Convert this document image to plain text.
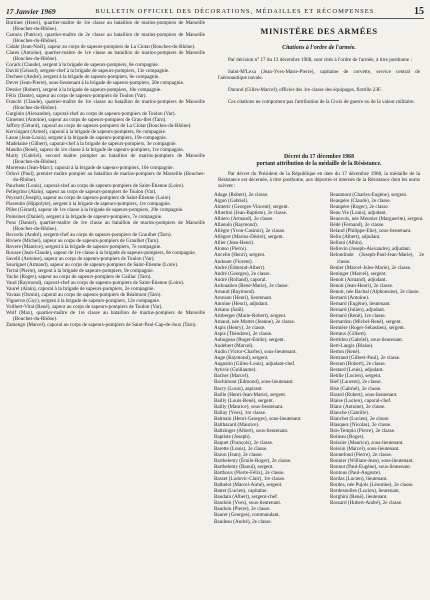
17 Janvier 1969	BULLETIN OFFICIEL DES DÉCORATIONS, MÉDAILLES ET RÉCOMPENSES	15

Burtinet (Henri), quartier-maître de 1re classe au bataillon de marins-pompiers de Marseille (Bouches-du-Rhône).

Camois (Patrice), quartier-maître de 2e classe au bataillon de marins-pompiers de Marseille (Bouches-du-Rhône).

Cidale (Jean-Noël), sapeur au corps de sapeurs-pompiers de La Ciotat (Bouches-du-Rhône).

Clares (Antoine), quartier-maître de 1re classe au bataillon de marins-pompiers de Marseille (Bouches-du-Rhône).

Corack (Claude), sergent à la brigade de sapeurs-pompiers, 8e compagnie.

David (Gérard), sergent-chef à la brigade de sapeurs-pompiers, 13e compagnie.

Decheer (André), sergent à la brigade de sapeurs-pompiers, 6e compagnie.

Dever (Jean-Pierre), sous-lieutenant à la brigade de sapeurs-pompiers, 20e compagnie.

Dessier (Robert), sergent à la brigade de sapeurs-pompiers, 10e compagnie.

Fèlix (Dante), sapeur au corps de sapeurs-pompiers de Toulon (Var).

Franchi (Claude), quartier-maître de 1re classe au bataillon de marins-pompiers de Marseille (Bouches-du-Rhône).

Gargiulo (Alexandre), caporal-chef au corps de sapeurs-pompiers de Toulon (Var).

Gimenez (Antoine), sapeur au corps de sapeurs-pompiers de Grau-lhet (Tarn).

Jaffrey (Gérard), caporal au corps de sapeurs-pompiers de La Ciotat (Bouches-du-Rhône).

Kervingant (Armel), caporal à la brigade de sapeurs-pompiers, 8e compagnie.

Lasne (Jean-Louis), sergent à la brigade de sapeurs-pompiers, 19e compagnie.

Madelaine (Gilbert), caporal-chef à la brigade de sapeurs-pompiers, 3e compagnie.

Mandin (René), sapeur de 1re classe à la brigade de sapeurs-pompiers, 1re compagnie.

Marty (Gabriel), second maître pompier au bataillon de marins-pompiers de Marseille (Bouches-du-Rhône).

Moreteau (Jean-Marc), caporal à la brigade de sapeurs-pompiers, 10e compagnie.

Orlovi (Paul), premier maître pompier au bataillon de marins-pompiers de Marseille (Bouches-du-Rhône).

Pauchent (Louis), caporal-chef au corps de sapeurs-pompiers de Saint-Étienne (Loire).

Pellegrino (Alain), sapeur au corps de sapeurs-pompiers de Toulon (Var).

Peyrard (Joseph), sapeur au corps de sapeurs-pompiers de Saint-Étienne (Loire).

Piacentin (Hippolyte), sergent à la brigade de sapeurs-pompiers, 1re compagnie.

Pillet (Gérard), sapeur de 1re classe à la brigade de sapeurs-pompiers, 20e compagnie.

Poinsinet (Daniel), sergent à la brigade de sapeurs-pompiers, 7e compagnie.

Pons (Daniel), quartier-maître de 1re classe au bataillon de marins-pompiers de Marseille (Bouches-du-Rhône).

Recordo (André), sergent-chef au corps de sapeurs-pompiers de Graulhet (Tarn).

Riviere (Michel), sapeur au corps de sapeurs-pompiers de Graulhet (Tarn).

Rovere (Maurice), sergent à la brigade de sapeurs-pompiers, 7e compagnie.

Rousse (Jean-Claude), sapeur de 1re classe à la brigade de sapeurs-pompiers, 8e compagnie.

Savelli (Antoine), sapeur au corps de sapeurs-pompiers de Toulon (Var).

Sourignet (Armand), sapeur au corps de sapeurs-pompiers de Saint-Étienne (Loire).

Terral (Pierre), sergent à la brigade de sapeurs-pompiers, 9e compagnie.

Vache (Roger), sapeur au corps de sapeurs-pompiers de Gaillac (Tarn).

Vaud (Raymond), caporal-chef au corps de sapeurs-pompiers de Saint-Étienne (Loire).

Vaurel (Alain), caporal à la brigade de sapeurs-pompiers, 2e compagnie.

Vavaas (Osmin), caporal au corps de sapeurs-pompiers de Réalmont (Tarn).

Vigneron (Guy), sergent à la brigade de sapeurs-pompiers, 12e compagnie.

Voilhert-Vital (René), sapeur au corps de sapeurs-pompiers de Toulon (Var).

Wolf (Max), quartier-maître de 1re classe au bataillon de marins-pompiers de Marseille (Bouches-du-Rhône).

Zamengo (Marcel), caporal au corps de sapeurs-pompiers de Saint-Paul-Cap-de-Joux (Tarn).

MINISTÈRE DES ARMÉES
Citations à l'ordre de l'armée.

Par décision n° 17 du 13 décembre 1968, sont cités à l'ordre de l'armée, à titre posthume :

Saint-M'Lexa (Jean-Yves-Marie-Pierre), capitaine de corvette, service central de l'aéronautique navale.

Durand (Gilles-Marcel), officier des 1re classe des équipages, flottille 23F.

Ces citations ne comportent pas l'attribution de la Croix de guerre ou de la valeur militaire.

Décret du 17 décembre 1968
portant attribution de la médaille de la Résistance.

Par décret du Président de la République en date du 17 décembre 1968, la médaille de la Résistance est décernée, à titre posthume, aux déportés et internés de la Résistance dont les noms suivent :

Adage (Robert), 2e classe.

Aigon (Gabriel).

Aimeric (Georges-Vincent), sergent.

Albertini (Jean-Baptiste), 2e classe.

Albiero (Armand), 2e classe.

Allaouïn (Raymond).

Allègre (Yvon-Casimir), 2e classe.

Allègret (Marius-Désiré), sergent.

Allier (Jean-Henri).

Alonso (Pierre).

Ancelin (Henri), sergent.

Andouer (Florent).

André (Édmond-Albert).

André (Georges), 2e classe.

André (Rolland), caporal.

Ardoualien (René-Marie), 2e classe.

Arnaud (Raymond).

Aronson (Henri), lieutenant.

Antoine (Henri), adjudant.

Arkano (Saül).

Arnberger (Marie-Robert), sergent.

Arnaud, née Mottet (Jeanne), 2e classe.

Aspis (Henry), 2e classe.

Aspis (Théodore), 2e classe.

Aubugeau (Roger-Emile), sergent.

Audebert (Marcel).

Audin (Victor-Charles), sous-lieutenant.

Auge (Raymond), sergent.

Augustin (Gilles-Louis), adjudant-chef.

Aytivie (Guillaume).

Bacher (Marcel).

Bachimont (Edmond), sous-lieutenant.

Bacry (Louis), aspirant.

Baille (Henri-Jean-Marie), sergent.

Bailly (Louis-René), sergent.

Bailly (Maurice), sous-lieutenant.

Ballay (Yves), 1re classe.

Balmain (Henri-Georges), sous-lieutenant.

Balthazard (Maurice).

Baltzinger (Albert), sous-lieutenant.

Baptiste (Joseph).

Baquet (François), 2e classe.

Barette (Louis), 2e classe.

Baron (Jean), 2e classe.

Barthelemy (Émile-Roger), 2e classe.

Barthelemy (Raoul), sergent.

Barthoux (Pierre-Félix), 2e classe.

Basset (Ludovic-Clair), 1re classe.

Bathelot (Marcel-Aimé), sergent.

Battet (Lucien), capitaine.

Baudain (Albert), sergent-chef.

Baudoin (Yves), sous-lieutenant.

Baudoin (Pierre), 2e classe.

Bauret (Georges), commandant.

Baudeau (André), 2e classe.

Beaumont (Charles-Eugène), sergent.

Beaupère (Claude), 2e classe.

Beaupère (Roger), 2e classe.

Beau Vie (Louis), adjudant.

Beauvois, née Meunier (Marguerite), sergent.

Bédé (Fernand), 2e classe.

Belaud (Philippe-Elie), sous-lieutenant.

Belin (Albert), adjudant.

Belloni (Albin).

Bellovin (Joseph-Alexandre), adjudant.

Belondrade (Joseph-Paul-Jean-Marie), 2e classe.

Benier (Marcel-Jules-Marie), 2e classe.

Beninger (Marcel), sergent.

Benoit (Armand), adjudant.

Benoit (Jean-Henri), 2e classe.

Benoit, née Bachal (Alphonsine), 2e classe.

Bernard (Antoine).

Bernard (Eugène), lieutenant.

Bernard (Julien), adjudant.

Bernard (René), 1re classe.

Bernardon (Michel-René), sergent.

Bernière (Roger-Sébastien), sergent.

Bertaux (Gilbert).

Bertidou (Gabriel), sous-lieutenant.

Bert-Laugis (Blaise).

Berton (René).

Bertrand (Gilbert-Paul), 2e classe.

Besson (Robert), 2e classe.

Bestard (Louis), adjudant.

Betille (Lucien), sergent.

Bief (Laurent), 2e classe.

Bise (Gabriel), 2e classe.

Bizard (Robert), sous-lieutenant.

Blaise (Lucien), caporal-chef.

Blanc (Antoine), 2e classe.

Blanche (Camille).

Blanchet (Lucien), 2e classe.

Blasquez (Nicolas), 2e classe.

Bon-Tempio (Pierre), 2e classe.

Boileau (Roger).

Boissier (Maurice), sous-lieutenant.

Boissin (Marcel), sous-lieutenant.

Bonnefond (Pierre), 2e classe.

Bonnier (William-Jean), sous-lieutenant.

Bonnot (Paul-Eugène), sous-lieutenant.

Bontous (Paul-Auguste).

Bordas (Lucien), lieutenant.

Bordes, née Pujols (Léontine), 2e classe.

Bordesoulles (Lucien), lieutenant.

Borghini (René), lieutenant.

Bossard (Hubert-André), 2e classe.
